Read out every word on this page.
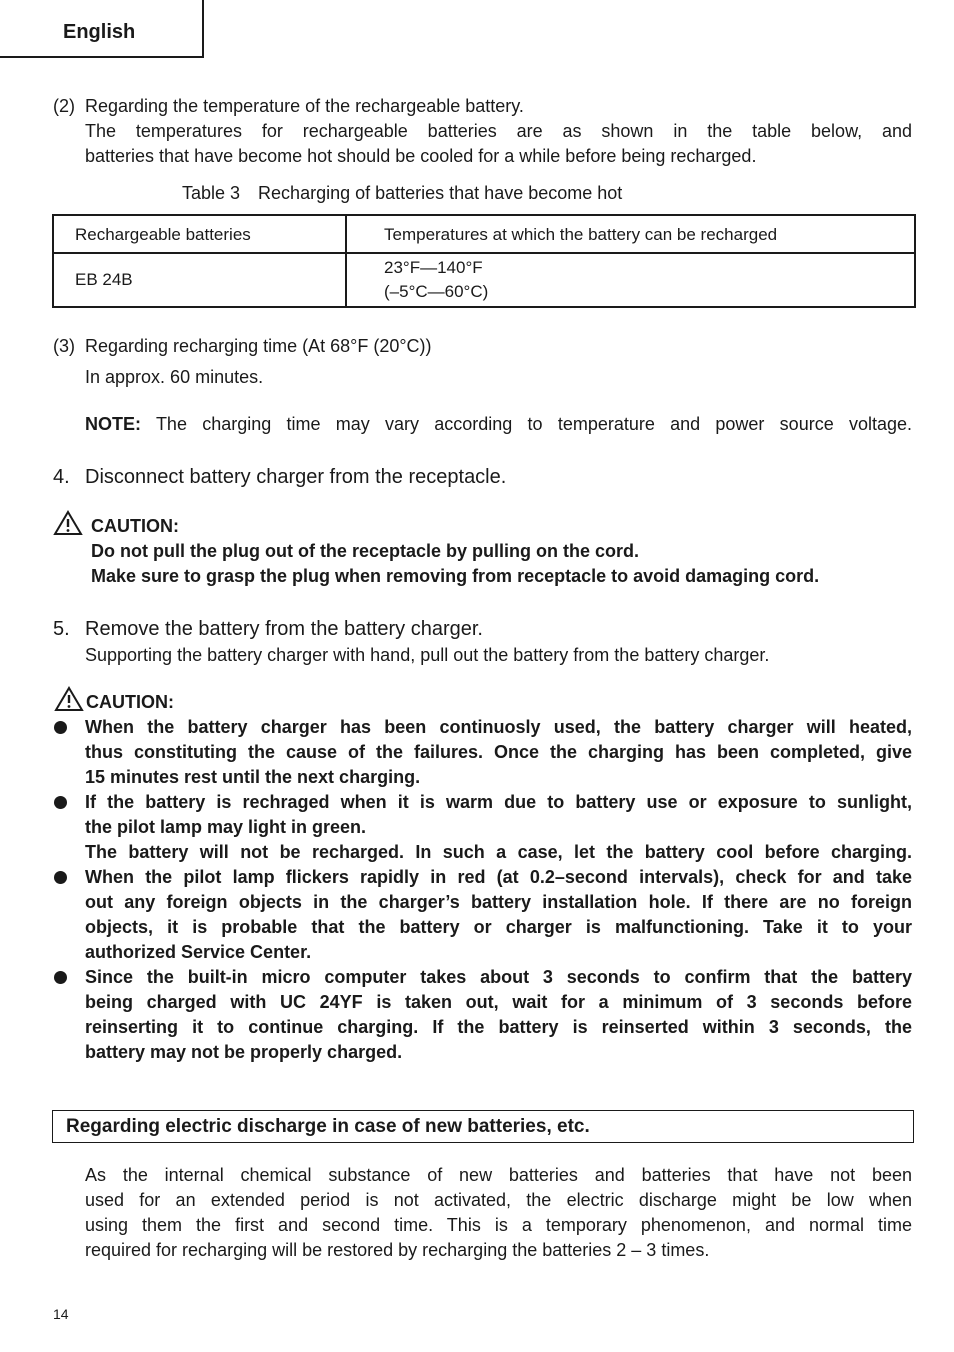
English
(2) Regarding the temperature of the rechargeable battery.
The temperatures for rechargeable batteries are as shown in the table below, and
batteries that have become hot should be cooled for a while before being recharged.
Table 3 Recharging of batteries that have become hot
Rechargeable batteries	Temperatures at which the battery can be recharged
EB 24B	23°F—140°F
(–5°C—60°C)
(3) Regarding recharging time (At 68°F (20°C))
In approx. 60 minutes.
NOTE: The charging time may vary according to temperature and power source voltage.
4. Disconnect battery charger from the receptacle.
CAUTION:
Do not pull the plug out of the receptacle by pulling on the cord.
Make sure to grasp the plug when removing from receptacle to avoid damaging cord.
5. Remove the battery from the battery charger.
Supporting the battery charger with hand, pull out the battery from the battery charger.
CAUTION:
When the battery charger has been continuosly used, the battery charger will heated,
thus constituting the cause of the failures. Once the charging has been completed, give
15 minutes rest until the next charging.
If the battery is rechraged when it is warm due to battery use or exposure to sunlight,
the pilot lamp may light in green.
The battery will not be recharged. In such a case, let the battery cool before charging.
When the pilot lamp flickers rapidly in red (at 0.2–second intervals), check for and take
out any foreign objects in the charger’s battery installation hole. If there are no foreign
objects, it is probable that the battery or charger is malfunctioning. Take it to your
authorized Service Center.
Since the built-in micro computer takes about 3 seconds to confirm that the battery
being charged with UC 24YF is taken out, wait for a minimum of 3 seconds before
reinserting it to continue charging. If the battery is reinserted within 3 seconds, the
battery may not be properly charged.
Regarding electric discharge in case of new batteries, etc.
As the internal chemical substance of new batteries and batteries that have not been
used for an extended period is not activated, the electric discharge might be low when
using them the first and second time. This is a temporary phenomenon, and normal time
required for recharging will be restored by recharging the batteries 2 – 3 times.
14
